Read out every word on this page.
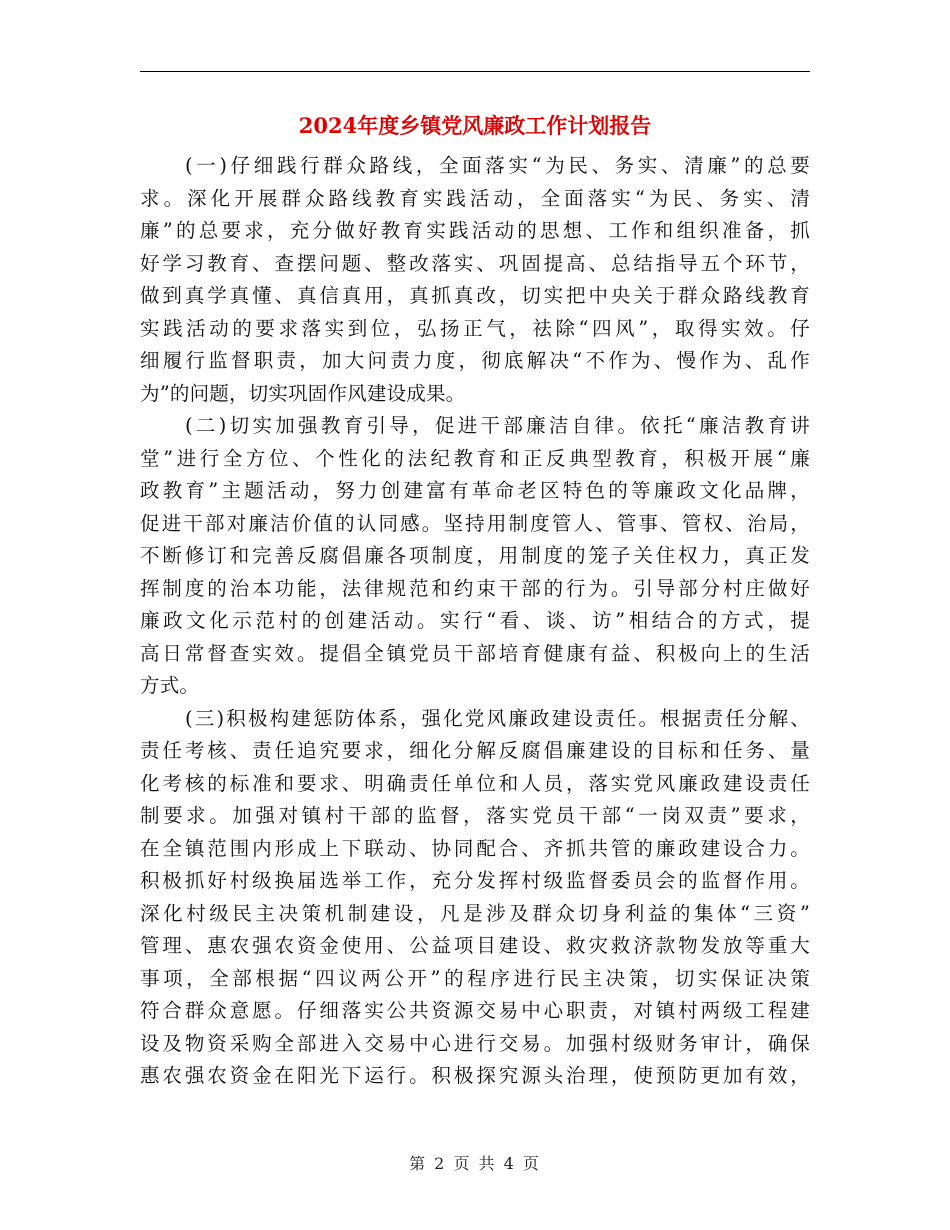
2024年度乡镇党风廉政工作计划报告
(一)仔细践行群众路线，全面落实“为民、务实、清廉”的总要
求。深化开展群众路线教育实践活动，全面落实“为民、务实、清
廉”的总要求，充分做好教育实践活动的思想、工作和组织准备，抓
好学习教育、查摆问题、整改落实、巩固提高、总结指导五个环节，
做到真学真懂、真信真用，真抓真改，切实把中央关于群众路线教育
实践活动的要求落实到位，弘扬正气，祛除“四风”，取得实效。仔
细履行监督职责，加大问责力度，彻底解决“不作为、慢作为、乱作
为”的问题，切实巩固作风建设成果。
(二)切实加强教育引导，促进干部廉洁自律。依托“廉洁教育讲
堂”进行全方位、个性化的法纪教育和正反典型教育，积极开展“廉
政教育”主题活动，努力创建富有革命老区特色的等廉政文化品牌，
促进干部对廉洁价值的认同感。坚持用制度管人、管事、管权、治局，
不断修订和完善反腐倡廉各项制度，用制度的笼子关住权力，真正发
挥制度的治本功能，法律规范和约束干部的行为。引导部分村庄做好
廉政文化示范村的创建活动。实行“看、谈、访”相结合的方式，提
高日常督查实效。提倡全镇党员干部培育健康有益、积极向上的生活
方式。
(三)积极构建惩防体系，强化党风廉政建设责任。根据责任分解、
责任考核、责任追究要求，细化分解反腐倡廉建设的目标和任务、量
化考核的标准和要求、明确责任单位和人员，落实党风廉政建设责任
制要求。加强对镇村干部的监督，落实党员干部“一岗双责”要求，
在全镇范围内形成上下联动、协同配合、齐抓共管的廉政建设合力。
积极抓好村级换届选举工作，充分发挥村级监督委员会的监督作用。
深化村级民主决策机制建设，凡是涉及群众切身利益的集体“三资”
管理、惠农强农资金使用、公益项目建设、救灾救济款物发放等重大
事项，全部根据“四议两公开”的程序进行民主决策，切实保证决策
符合群众意愿。仔细落实公共资源交易中心职责，对镇村两级工程建
设及物资采购全部进入交易中心进行交易。加强村级财务审计，确保
惠农强农资金在阳光下运行。积极探究源头治理，使预防更加有效，
第 2 页 共 4 页
